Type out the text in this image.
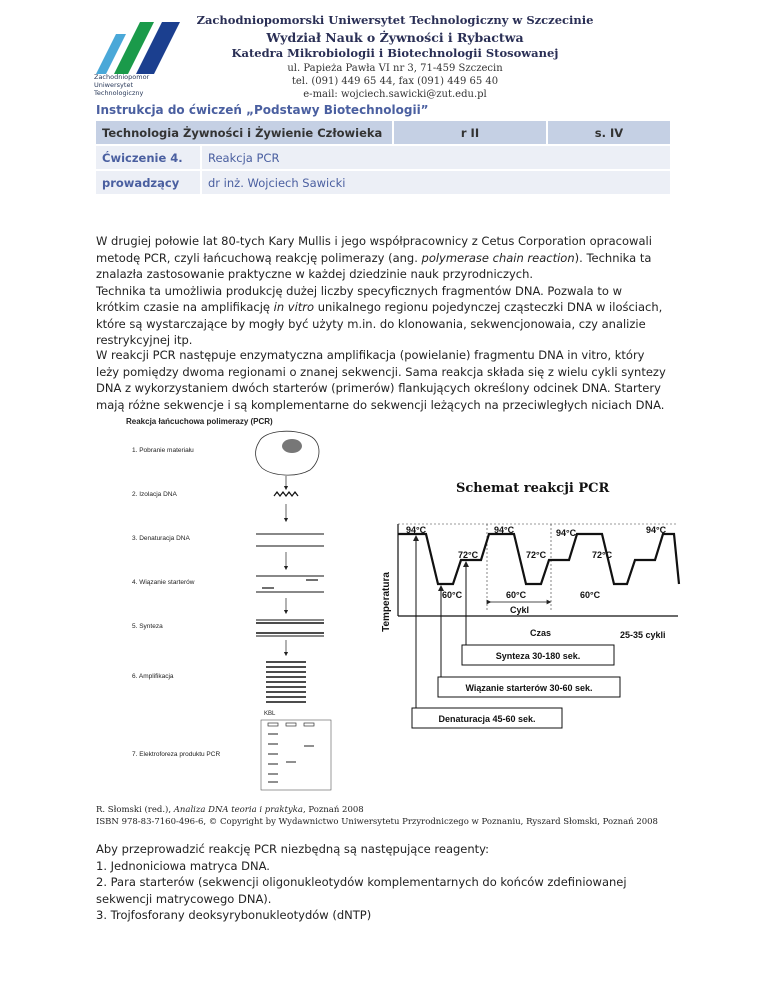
Zachodniopomor
Uniwersytet
Technologiczny
Zachodniopomorski Uniwersytet Technologiczny w Szczecinie
Wydział Nauk o Żywności i Rybactwa
Katedra Mikrobiologii i Biotechnologii Stosowanej
ul. Papieża Pawła VI nr 3, 71-459 Szczecin
tel. (091) 449 65 44, fax (091) 449 65 40
e-mail: wojciech.sawicki@zut.edu.pl
Instrukcja do ćwiczeń „Podstawy Biotechnologii”
Technologia Żywności i Żywienie Człowieka		r II	s. IV
Ćwiczenie 4.	Reakcja PCR		
prowadzący	dr inż. Wojciech Sawicki		

W drugiej połowie lat 80-tych Kary Mullis i jego współpracownicy z Cetus Corporation opracowali

metodę PCR, czyli łańcuchową reakcję polimerazy (ang. polymerase chain reaction). Technika ta

znalazła zastosowanie praktyczne w każdej dziedzinie nauk przyrodniczych.

Technika ta umożliwia produkcję dużej liczby specyficznych fragmentów DNA. Pozwala to w

krótkim czasie na amplifikację in vitro unikalnego regionu pojedynczej cząsteczki DNA w ilościach,

które są wystarczające by mogły być użyty m.in. do klonowania, sekwencjonowaia, czy analizie

restrykcyjnej itp.

W reakcji PCR następuje enzymatyczna amplifikacja (powielanie) fragmentu DNA in vitro, który

leży pomiędzy dwoma regionami o znanej sekwencji. Sama reakcja składa się z wielu cykli syntezy

DNA z wykorzystaniem dwóch starterów (primerów) flankujących określony odcinek DNA. Startery

mają różne sekwencje i są komplementarne do sekwencji leżących na przeciwległych niciach DNA.

Reakcja łańcuchowa polimerazy (PCR)
1. Pobranie materiału
2. Izolacja DNA
3. Denaturacja DNA
4. Wiązanie starterów
5. Synteza
6. Amplifikacja
7. Elektroforeza produktu PCR
KBL
Schemat reakcji PCR
Temperatura
94°C	94°C	94°C	94°C
72°C	72°C	72°C
60°C	60°C	60°C
Cykl
Czas	25-35 cykli
Synteza 30-180 sek.
Wiązanie starterów 30-60 sek.
Denaturacja 45-60 sek.
R. Słomski (red.), Analiza DNA teoria i praktyka, Poznań 2008
ISBN 978-83-7160-496-6, © Copyright by Wydawnictwo Uniwersytetu Przyrodniczego w Poznaniu, Ryszard Słomski, Poznań 2008

Aby przeprowadzić reakcję PCR niezbędną są następujące reagenty:

1. Jednoniciowa matryca DNA.

2. Para starterów (sekwencji oligonukleotydów komplementarnych do końców zdefiniowanej

sekwencji matrycowego DNA).

3. Trojfosforany deoksyrybonukleotydów (dNTP)
